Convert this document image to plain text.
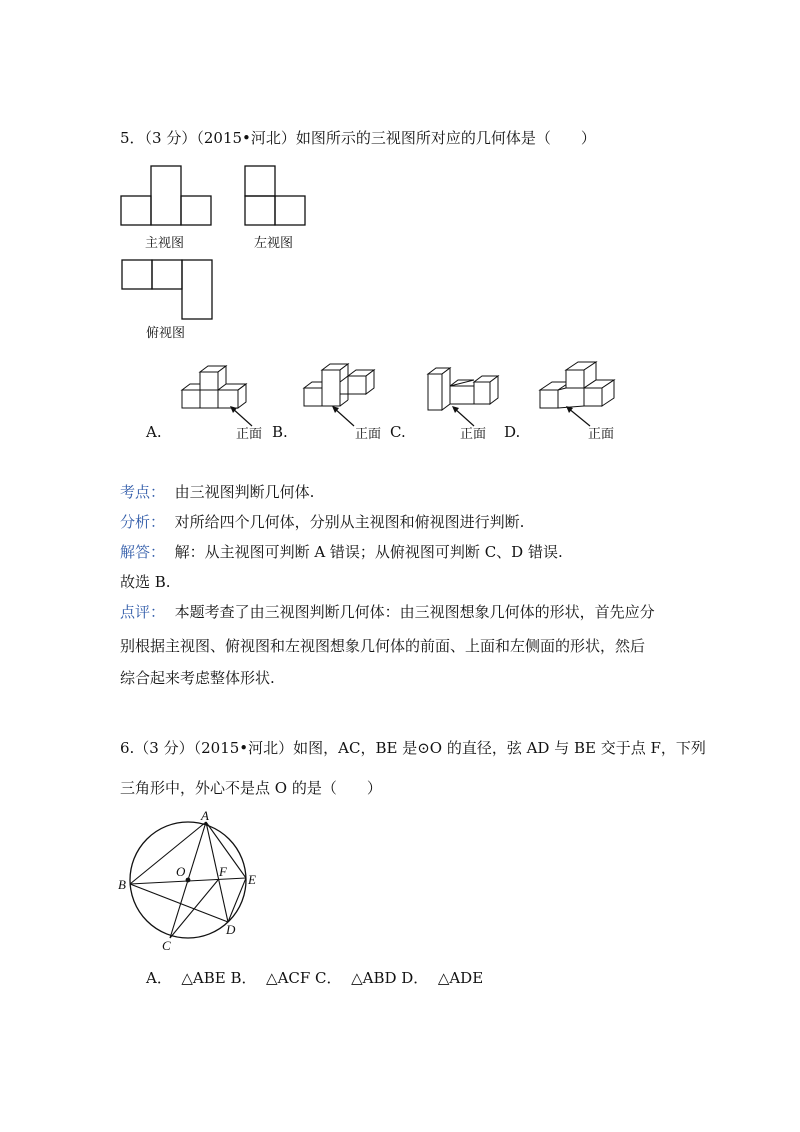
5．（3 分）（2015•河北）如图所示的三视图所对应的几何体是（　　）
主视图	左视图
俯视图
A.	正面 B.	正面 C.	正面 D.	正面
考点： 由三视图判断几何体.
分析： 对所给四个几何体，分别从主视图和俯视图进行判断.
解答： 解：从主视图可判断 A 错误；从俯视图可判断 C、D 错误.
故选 B.
点评： 本题考查了由三视图判断几何体：由三视图想象几何体的形状，首先应分
别根据主视图、俯视图和左视图想象几何体的前面、上面和左侧面的形状，然后
综合起来考虑整体形状.
6.（3 分）（2015•河北）如图，AC，BE 是⊙O 的直径，弦 AD 与 BE 交于点 F，下列
三角形中，外心不是点 O 的是（　　）
A
B
C
D
E
O	F
A．  △ABE B．  △ACF C．  △ABD D．  △ADE
